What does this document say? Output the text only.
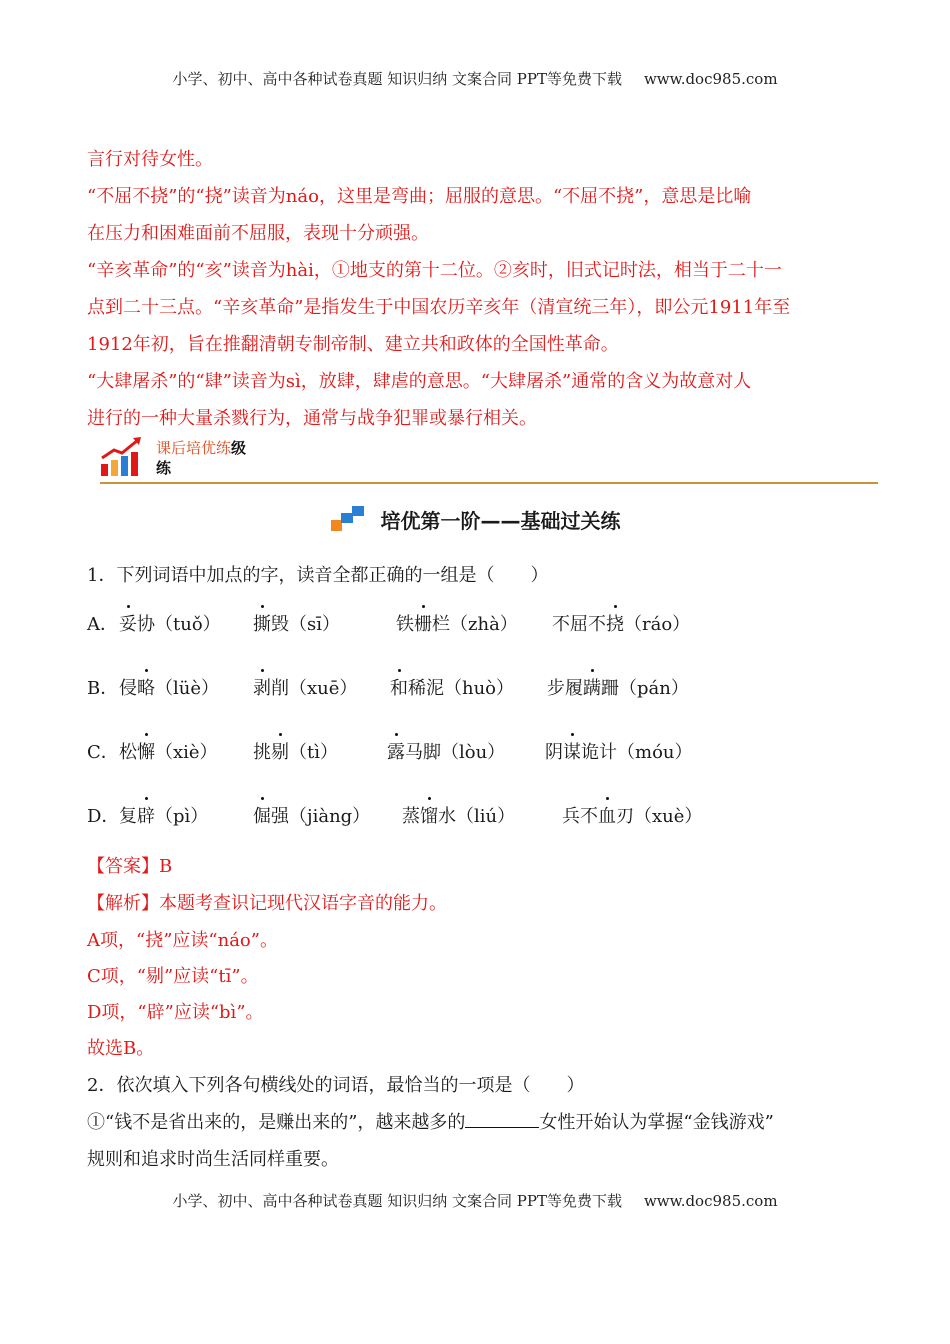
小学、初中、高中各种试卷真题 知识归纳 文案合同 PPT等免费下载 www.doc985.com
言行对待女性。
“不屈不挠”的“挠”读音为náo，这里是弯曲；屈服的意思。“不屈不挠”，意思是比喻
在压力和困难面前不屈服，表现十分顽强。
“辛亥革命”的“亥”读音为hài，①地支的第十二位。②亥时，旧式记时法，相当于二十一
点到二十三点。“辛亥革命”是指发生于中国农历辛亥年（清宣统三年），即公元1911年至
1912年初，旨在推翻清朝专制帝制、建立共和政体的全国性革命。
“大肆屠杀”的“肆”读音为sì，放肆，肆虐的意思。“大肆屠杀”通常的含义为故意对人
进行的一种大量杀戮行为，通常与战争犯罪或暴行相关。
课后培优练级
练
培优第一阶——基础过关练
1．下列词语中加点的字，读音全都正确的一组是（　　）
A． 妥协（tuǒ） 撕毁（sī）	铁栅栏（zhà） 不屈不挠（ráo）
B． 侵略（lüè） 剥削（xuē） 和稀泥（huò） 步履蹒跚（pán）
C． 松懈（xiè） 挑剔（tì）	露马脚（lòu） 阴谋诡计（móu）
D． 复辟（pì） 倔强（jiàng） 蒸馏水（liú）	兵不血刃（xuè）
【答案】B
【解析】本题考查识记现代汉语字音的能力。
A项，“挠”应读“náo”。
C项，“剔”应读“tī”。
D项，“辟”应读“bì”。
故选B。
2．依次填入下列各句横线处的词语，最恰当的一项是（　　）
①“钱不是省出来的，是赚出来的”，越来越多的	女性开始认为掌握“金钱游戏”
规则和追求时尚生活同样重要。
小学、初中、高中各种试卷真题 知识归纳 文案合同 PPT等免费下载 www.doc985.com
